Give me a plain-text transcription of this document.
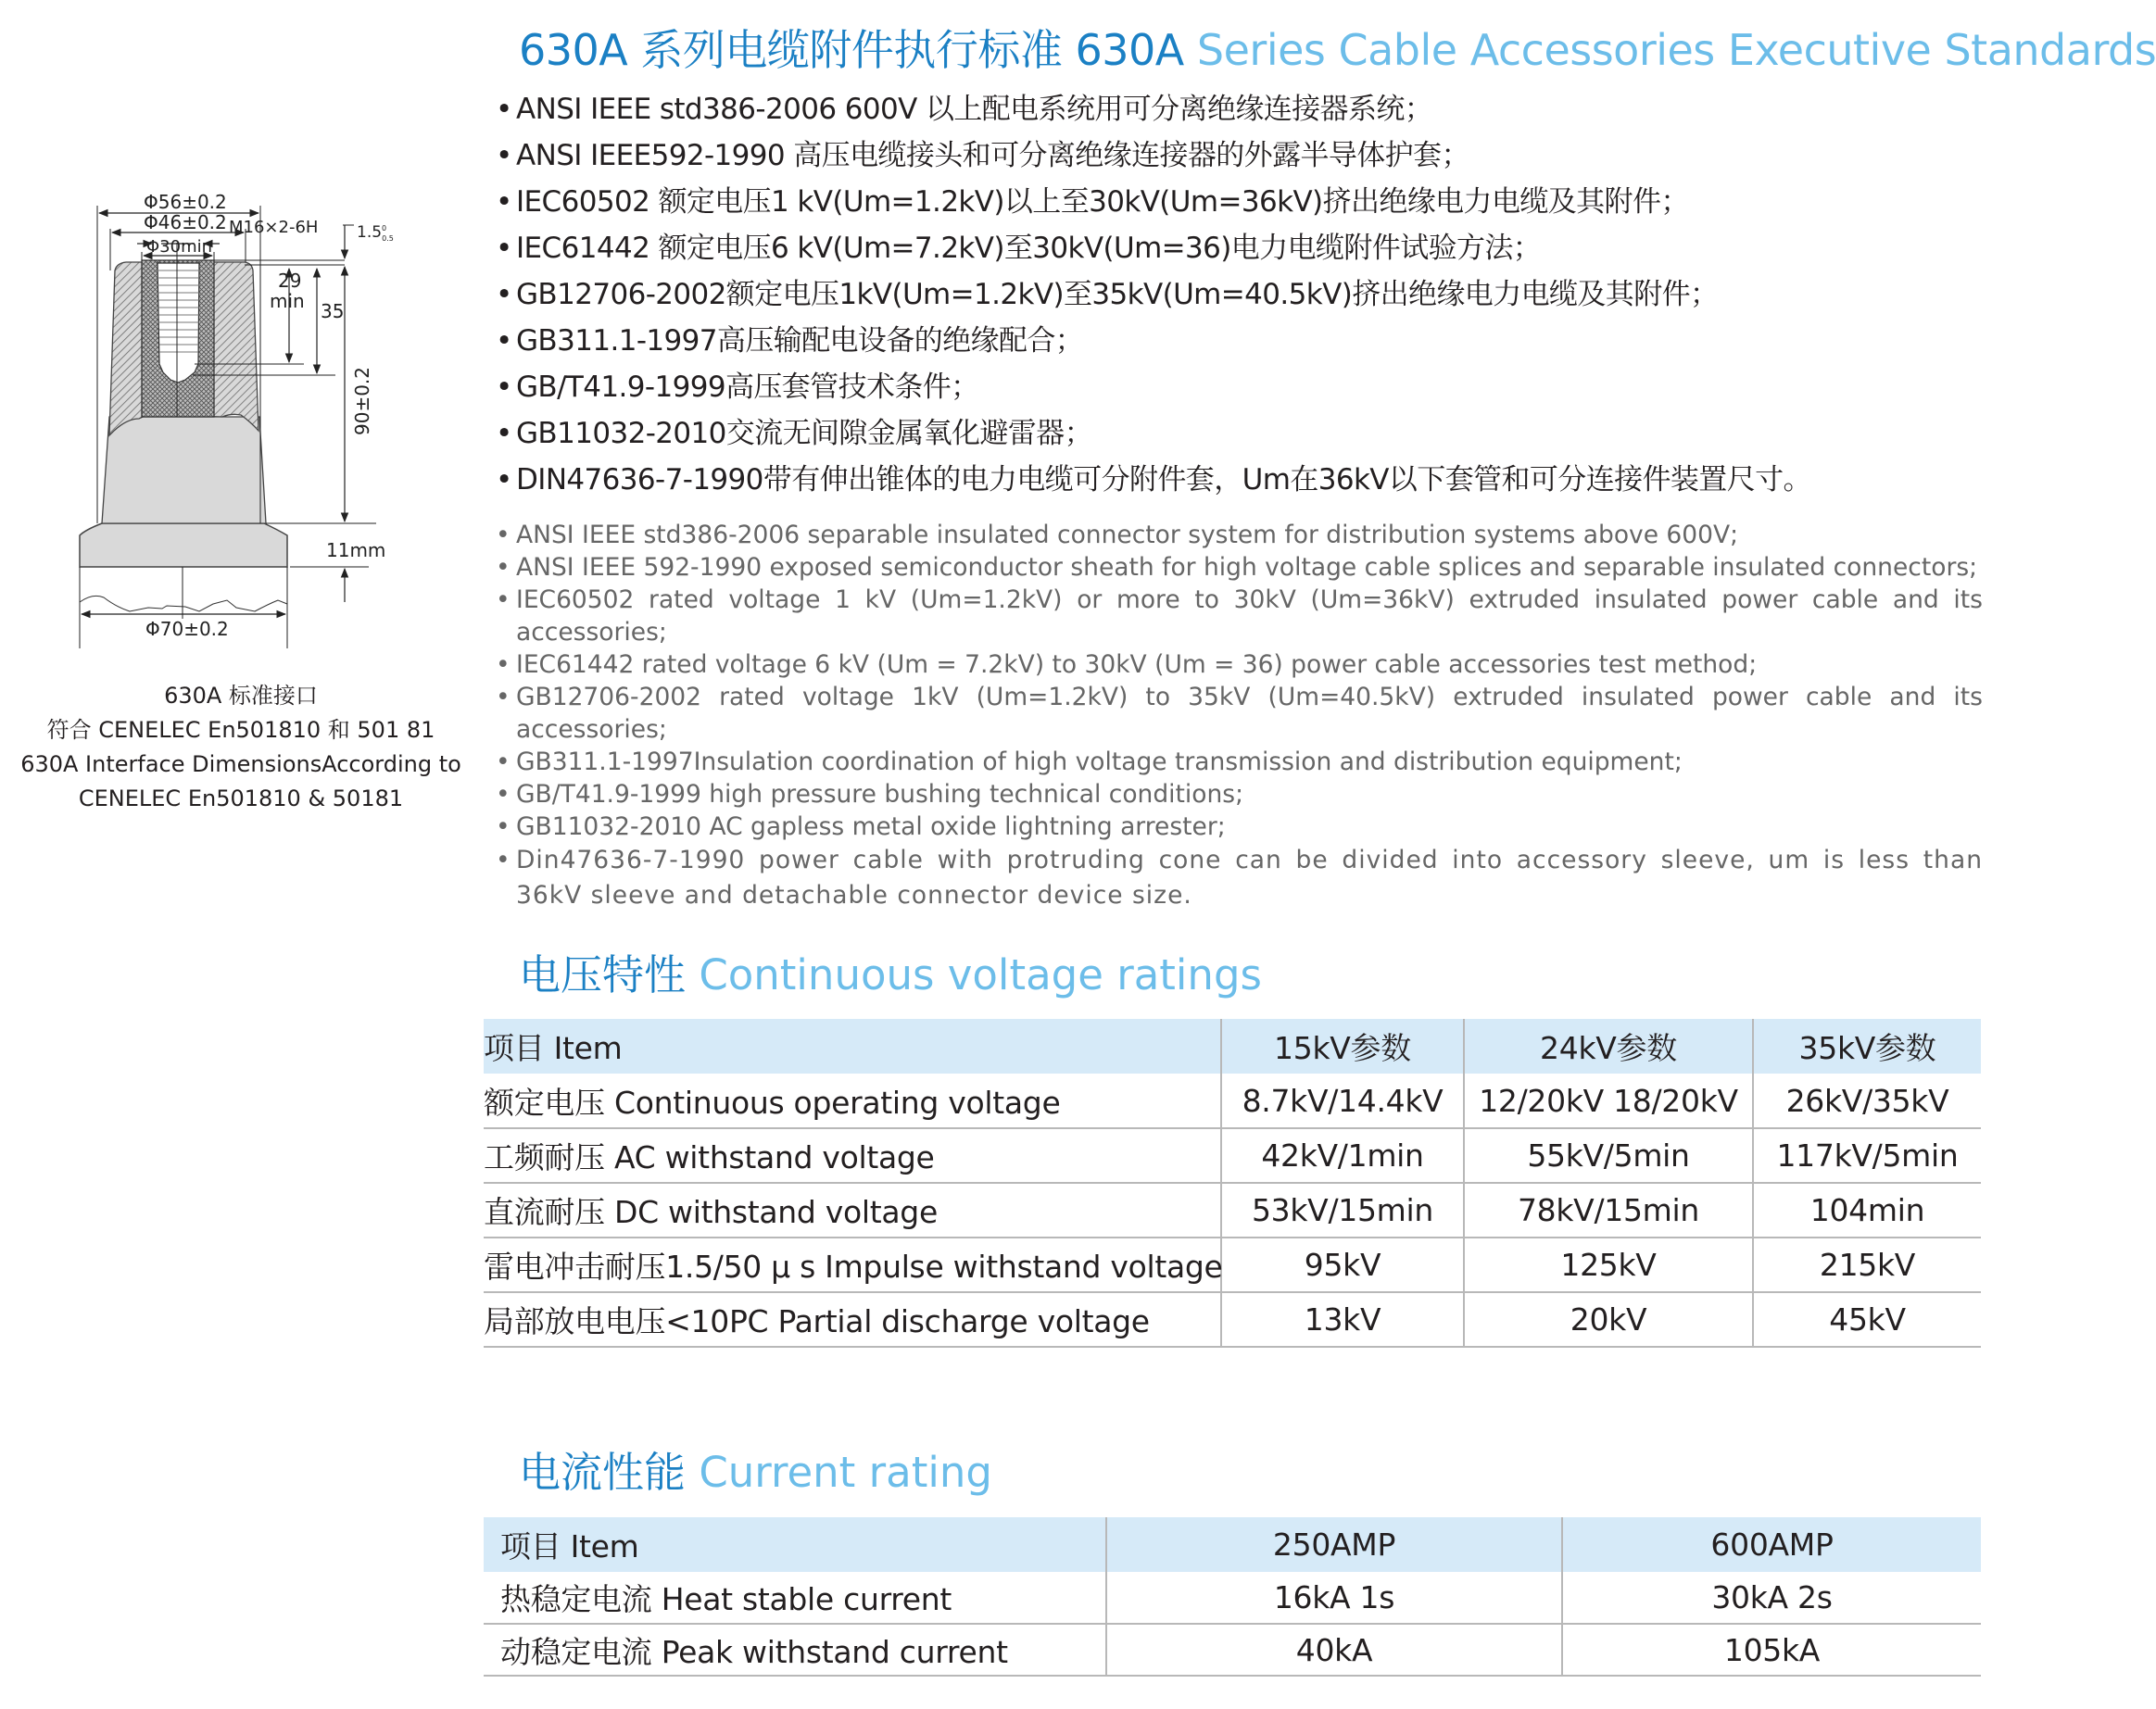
Φ56±0.2
Φ46±0.2
Φ30min
M16×2-6H $1.5^0$ 0.5
29
min 35
90±0.2
11mm
Φ70±0.2
630A 标准接口
符合 CENELEC En501810 和 501 81
630A Interface DimensionsAccording to
CENELEC En501810 & 50181
630A 系列电缆附件执行标准 630A Series Cable Accessories Executive Standards
• ANSI IEEE std386-2006 600V 以上配电系统用可分离绝缘连接器系统；
• ANSI IEEE592-1990 高压电缆接头和可分离绝缘连接器的外露半导体护套；
• IEC60502 额定电压1 kV(Um=1.2kV)以上至30kV(Um=36kV)挤出绝缘电力电缆及其附件；
• IEC61442 额定电压6 kV(Um=7.2kV)至30kV(Um=36)电力电缆附件试验方法；
• GB12706-2002额定电压1kV(Um=1.2kV)至35kV(Um=40.5kV)挤出绝缘电力电缆及其附件；
• GB311.1-1997高压输配电设备的绝缘配合；
• GB/T41.9-1999高压套管技术条件；
• GB11032-2010交流无间隙金属氧化避雷器；
• DIN47636-7-1990带有伸出锥体的电力电缆可分附件套，Um在36kV以下套管和可分连接件装置尺寸。
• ANSI IEEE std386-2006 separable insulated connector system for distribution systems above 600V;
• ANSI IEEE 592-1990 exposed semiconductor sheath for high voltage cable splices and separable insulated connectors;
• IEC60502 rated voltage 1 kV (Um=1.2kV) or more to 30kV (Um=36kV) extruded insulated power cable and its accessories;
• IEC61442 rated voltage 6 kV (Um = 7.2kV) to 30kV (Um = 36) power cable accessories test method;
• GB12706-2002 rated voltage 1kV (Um=1.2kV) to 35kV (Um=40.5kV) extruded insulated power cable and its accessories;
• GB311.1-1997Insulation coordination of high voltage transmission and distribution equipment;
• GB/T41.9-1999 high pressure bushing technical conditions;
• GB11032-2010 AC gapless metal oxide lightning arrester;
• Din47636-7-1990 power cable with protruding cone can be divided into accessory sleeve, um is less than 36kV sleeve and detachable connector device size.
电压特性 Continuous voltage ratings
项目 Item	15kV参数	24kV参数	35kV参数
额定电压 Continuous operating voltage	8.7kV/14.4kV	12/20kV 18/20kV	26kV/35kV
工频耐压 AC withstand voltage	42kV/1min	55kV/5min	117kV/5min
直流耐压 DC withstand voltage	53kV/15min	78kV/15min	104min
雷电冲击耐压1.5/50 μ s Impulse withstand voltage	95kV	125kV	215kV
局部放电电压<10PC Partial discharge voltage	13kV	20kV	45kV
电流性能 Current rating
项目 Item	250AMP	600AMP
热稳定电流 Heat stable current	16kA 1s	30kA 2s
动稳定电流 Peak withstand current	40kA	105kA
